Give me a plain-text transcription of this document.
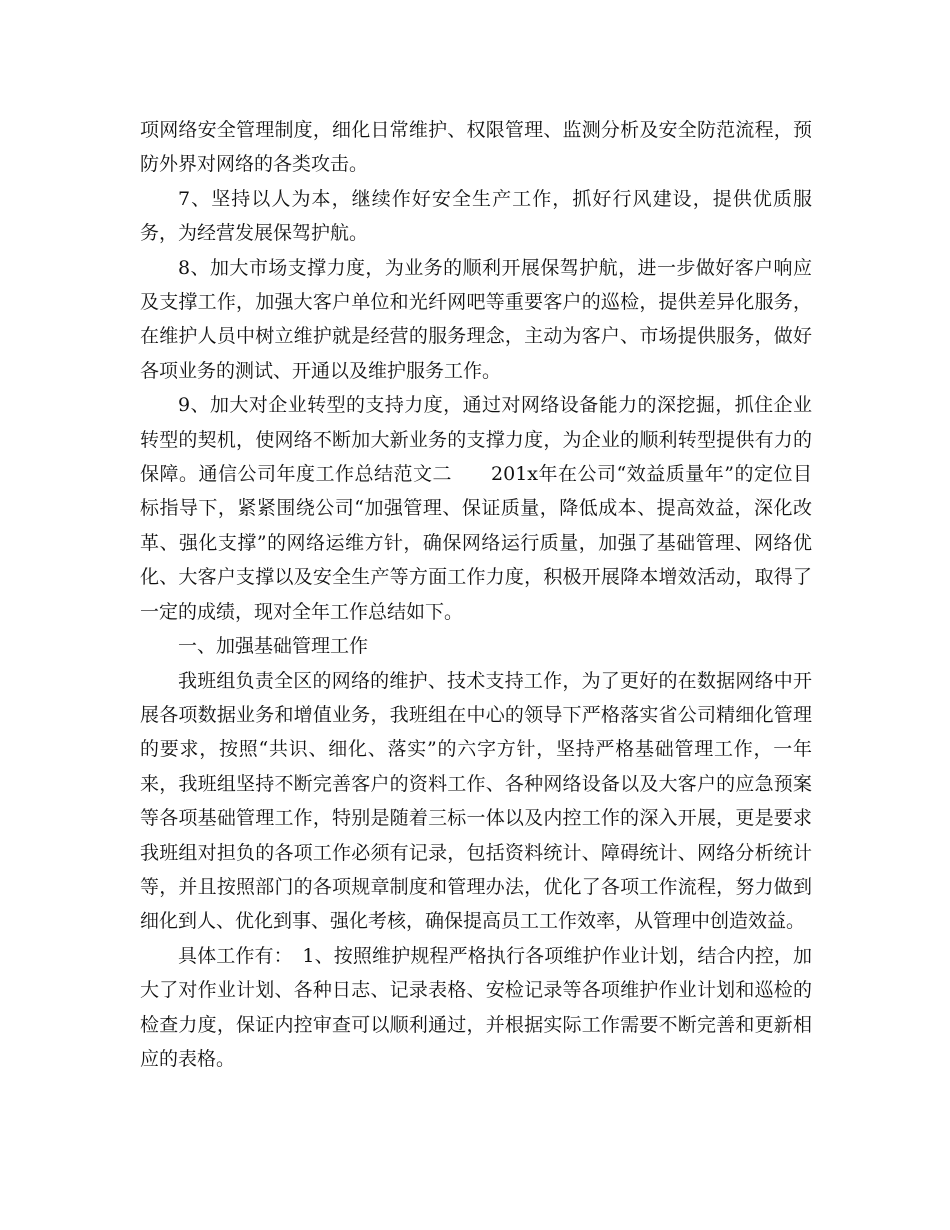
项网络安全管理制度，细化日常维护、权限管理、监测分析及安全防范流程，预防外界对网络的各类攻击。

7、坚持以人为本，继续作好安全生产工作，抓好行风建设，提供优质服务，为经营发展保驾护航。

8、加大市场支撑力度，为业务的顺利开展保驾护航，进一步做好客户响应及支撑工作，加强大客户单位和光纤网吧等重要客户的巡检，提供差异化服务，在维护人员中树立维护就是经营的服务理念，主动为客户、市场提供服务，做好各项业务的测试、开通以及维护服务工作。

9、加大对企业转型的支持力度，通过对网络设备能力的深挖掘，抓住企业转型的契机，使网络不断加大新业务的支撑力度，为企业的顺利转型提供有力的保障。通信公司年度工作总结范文二　　201x年在公司“效益质量年”的定位目标指导下，紧紧围绕公司“加强管理、保证质量，降低成本、提高效益，深化改革、强化支撑”的网络运维方针，确保网络运行质量，加强了基础管理、网络优化、大客户支撑以及安全生产等方面工作力度，积极开展降本增效活动，取得了一定的成绩，现对全年工作总结如下。

一、加强基础管理工作

我班组负责全区的网络的维护、技术支持工作，为了更好的在数据网络中开展各项数据业务和增值业务，我班组在中心的领导下严格落实省公司精细化管理的要求，按照“共识、细化、落实”的六字方针，坚持严格基础管理工作，一年来，我班组坚持不断完善客户的资料工作、各种网络设备以及大客户的应急预案等各项基础管理工作，特别是随着三标一体以及内控工作的深入开展，更是要求我班组对担负的各项工作必须有记录，包括资料统计、障碍统计、网络分析统计等，并且按照部门的各项规章制度和管理办法，优化了各项工作流程，努力做到细化到人、优化到事、强化考核，确保提高员工工作效率，从管理中创造效益。

具体工作有：　1、按照维护规程严格执行各项维护作业计划，结合内控，加大了对作业计划、各种日志、记录表格、安检记录等各项维护作业计划和巡检的检查力度，保证内控审查可以顺利通过，并根据实际工作需要不断完善和更新相应的表格。
